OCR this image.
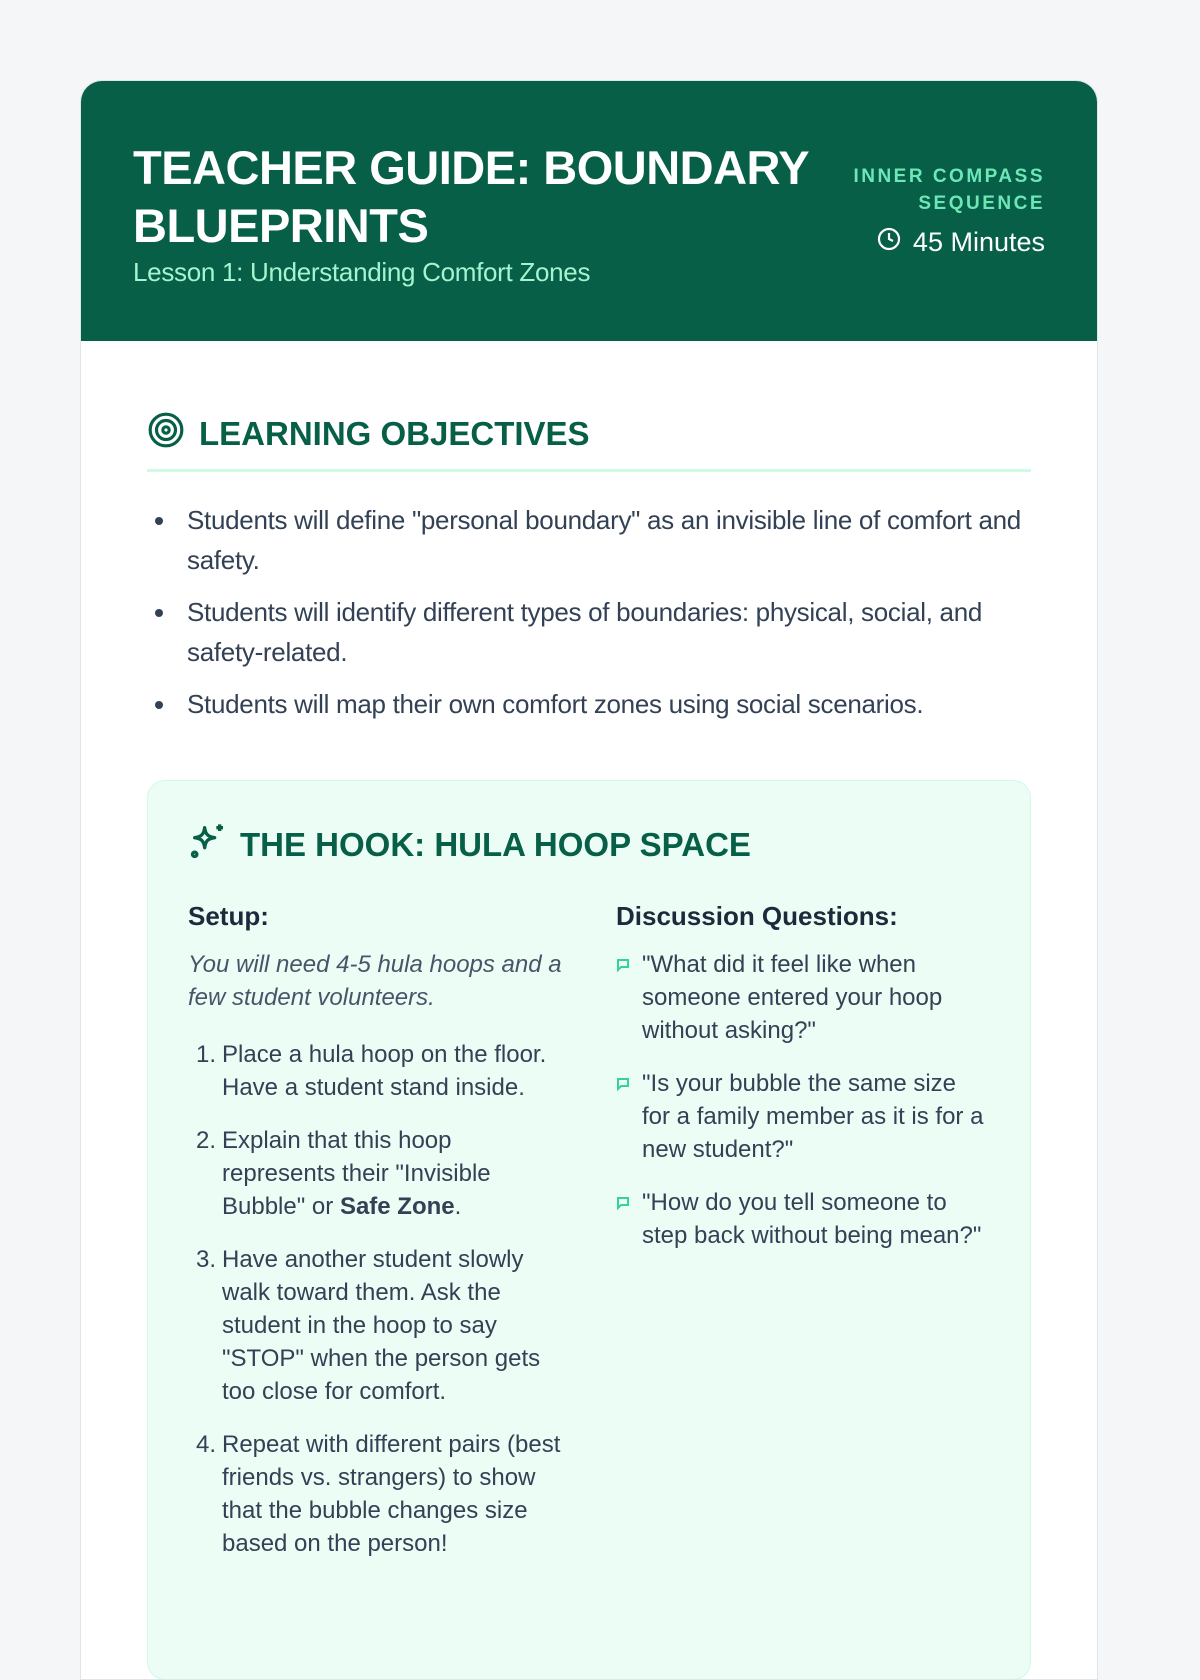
TEACHER GUIDE: BOUNDARY BLUEPRINTS
Lesson 1: Understanding Comfort Zones
INNER COMPASS SEQUENCE
45 Minutes
LEARNING OBJECTIVES
Students will define "personal boundary" as an invisible line of comfort and safety.
Students will identify different types of boundaries: physical, social, and safety-related.
Students will map their own comfort zones using social scenarios.
THE HOOK: HULA HOOP SPACE
Setup:
You will need 4-5 hula hoops and a few student volunteers.
1. Place a hula hoop on the floor. Have a student stand inside.
2. Explain that this hoop represents their "Invisible Bubble" or Safe Zone.
3. Have another student slowly walk toward them. Ask the student in the hoop to say "STOP" when the person gets too close for comfort.
4. Repeat with different pairs (best friends vs. strangers) to show that the bubble changes size based on the person!
Discussion Questions:
"What did it feel like when someone entered your hoop without asking?"
"Is your bubble the same size for a family member as it is for a new student?"
"How do you tell someone to step back without being mean?"
